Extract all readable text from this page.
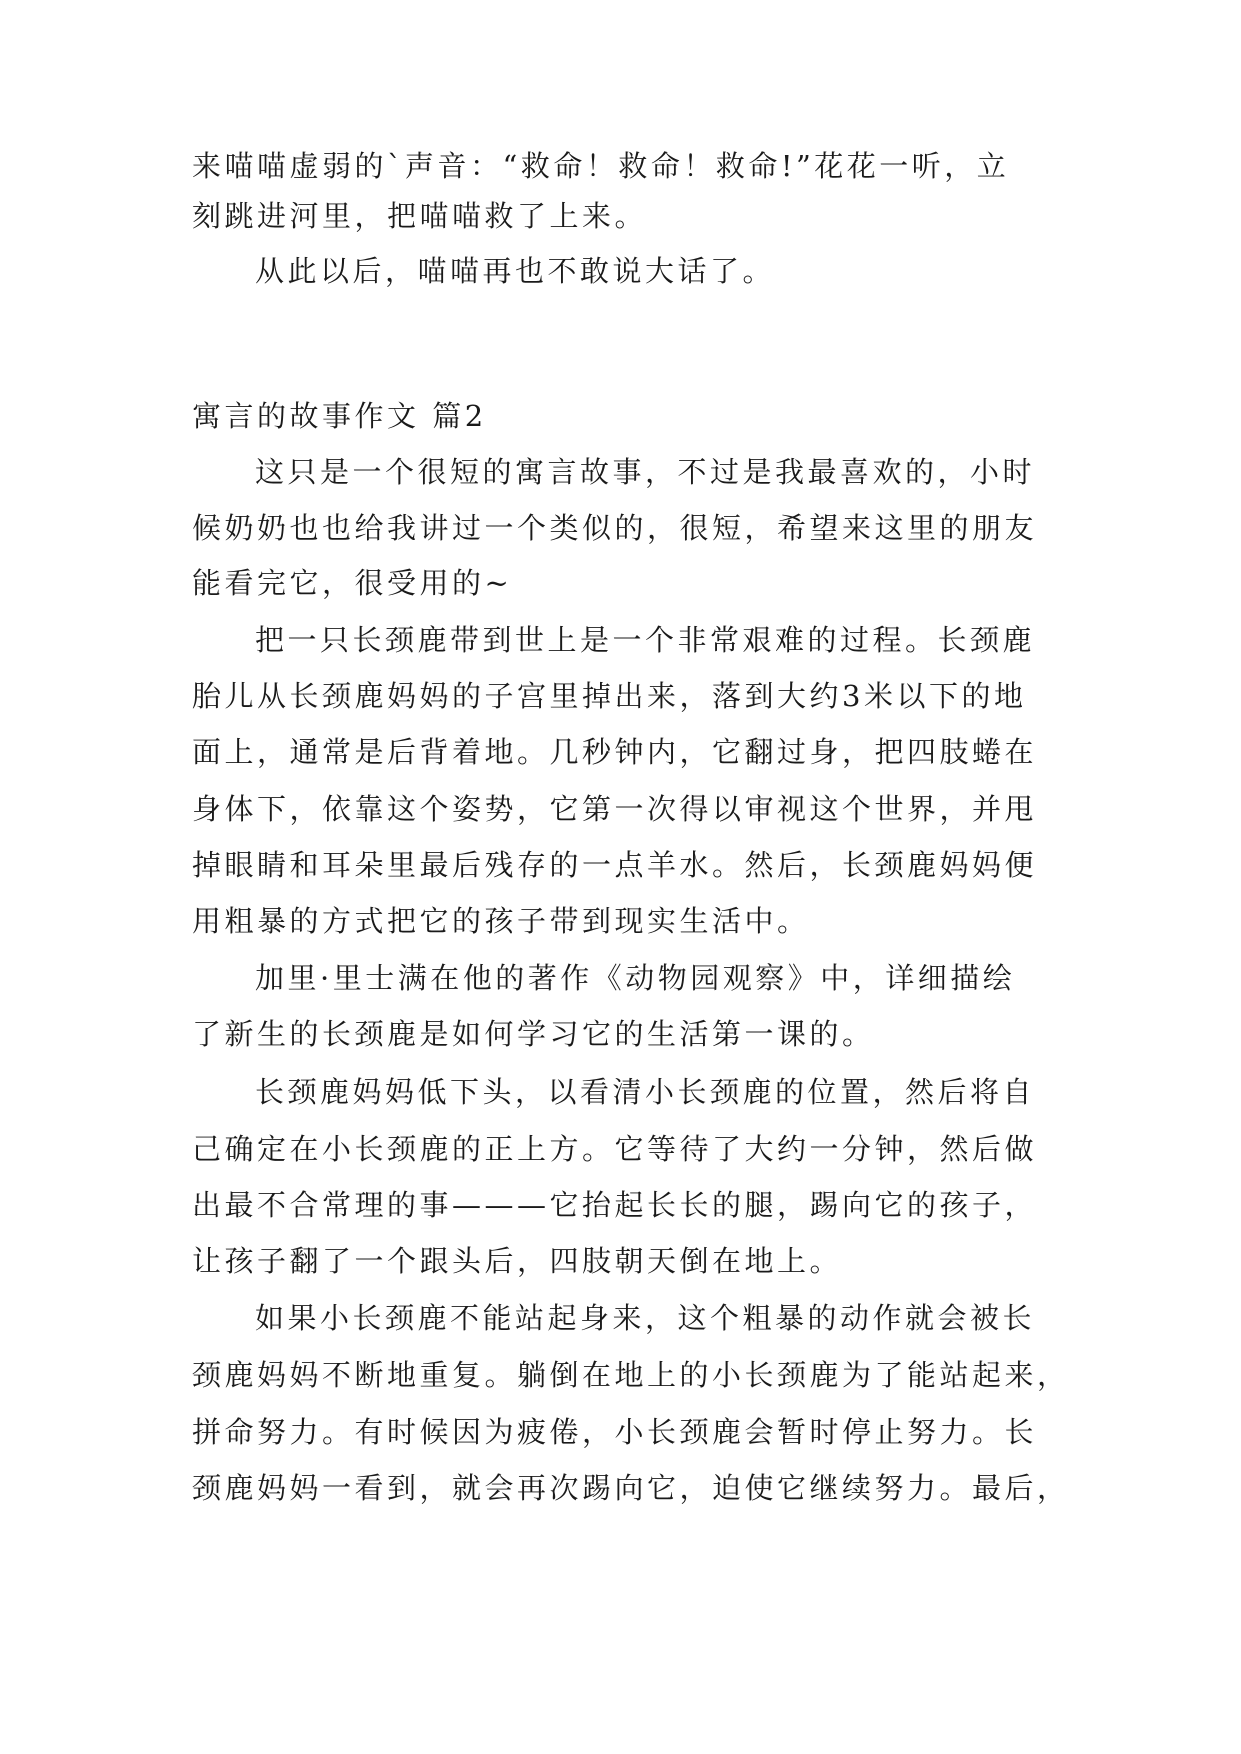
来喵喵虚弱的`声音：“救命！救命！救命!”花花一听，立
刻跳进河里，把喵喵救了上来。
从此以后，喵喵再也不敢说大话了。
寓言的故事作文 篇2
这只是一个很短的寓言故事，不过是我最喜欢的，小时
候奶奶也也给我讲过一个类似的，很短，希望来这里的朋友
能看完它，很受用的~
把一只长颈鹿带到世上是一个非常艰难的过程。长颈鹿
胎儿从长颈鹿妈妈的子宫里掉出来，落到大约3米以下的地
面上，通常是后背着地。几秒钟内，它翻过身，把四肢蜷在
身体下，依靠这个姿势，它第一次得以审视这个世界，并甩
掉眼睛和耳朵里最后残存的一点羊水。然后，长颈鹿妈妈便
用粗暴的方式把它的孩子带到现实生活中。
加里·里士满在他的著作《动物园观察》中，详细描绘
了新生的长颈鹿是如何学习它的生活第一课的。
长颈鹿妈妈低下头，以看清小长颈鹿的位置，然后将自
己确定在小长颈鹿的正上方。它等待了大约一分钟，然后做
出最不合常理的事———它抬起长长的腿，踢向它的孩子，
让孩子翻了一个跟头后，四肢朝天倒在地上。
如果小长颈鹿不能站起身来，这个粗暴的动作就会被长
颈鹿妈妈不断地重复。躺倒在地上的小长颈鹿为了能站起来，
拼命努力。有时候因为疲倦，小长颈鹿会暂时停止努力。长
颈鹿妈妈一看到，就会再次踢向它，迫使它继续努力。最后，
